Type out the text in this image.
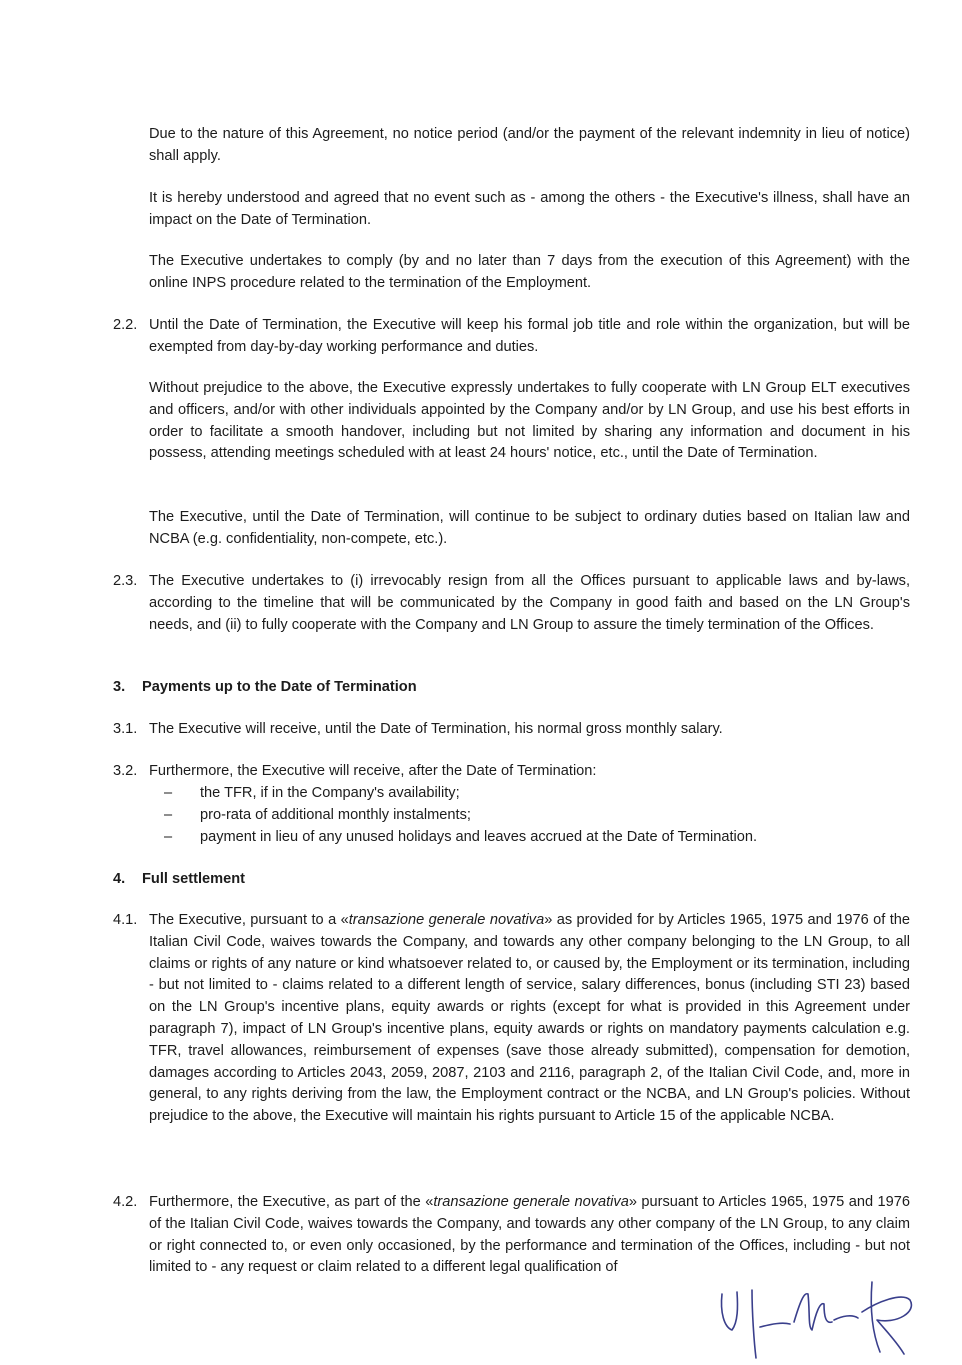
Due to the nature of this Agreement, no notice period (and/or the payment of the relevant indemnity in lieu of notice) shall apply.

It is hereby understood and agreed that no event such as - among the others - the Executive's illness, shall have an impact on the Date of Termination.

The Executive undertakes to comply (by and no later than 7 days from the execution of this Agreement) with the online INPS procedure related to the termination of the Employment.

2.2. Until the Date of Termination, the Executive will keep his formal job title and role within the organization, but will be exempted from day-by-day working performance and duties.

Without prejudice to the above, the Executive expressly undertakes to fully cooperate with LN Group ELT executives and officers, and/or with other individuals appointed by the Company and/or by LN Group, and use his best efforts in order to facilitate a smooth handover, including but not limited by sharing any information and document in his possess, attending meetings scheduled with at least 24 hours' notice, etc., until the Date of Termination.

The Executive, until the Date of Termination, will continue to be subject to ordinary duties based on Italian law and NCBA (e.g. confidentiality, non-compete, etc.).

2.3. The Executive undertakes to (i) irrevocably resign from all the Offices pursuant to applicable laws and by-laws, according to the timeline that will be communicated by the Company in good faith and based on the LN Group's needs, and (ii) to fully cooperate with the Company and LN Group to assure the timely termination of the Offices.
3. Payments up to the Date of Termination
3.1. The Executive will receive, until the Date of Termination, his normal gross monthly salary.
3.2. Furthermore, the Executive will receive, after the Date of Termination:
– the TFR, if in the Company's availability;
– pro-rata of additional monthly instalments;
– payment in lieu of any unused holidays and leaves accrued at the Date of Termination.
4. Full settlement
4.1. The Executive, pursuant to a «transazione generale novativa» as provided for by Articles 1965, 1975 and 1976 of the Italian Civil Code, waives towards the Company, and towards any other company belonging to the LN Group, to all claims or rights of any nature or kind whatsoever related to, or caused by, the Employment or its termination, including - but not limited to - claims related to a different length of service, salary differences, bonus (including STI 23) based on the LN Group's incentive plans, equity awards or rights (except for what is provided in this Agreement under paragraph 7), impact of LN Group's incentive plans, equity awards or rights on mandatory payments calculation e.g. TFR, travel allowances, reimbursement of expenses (save those already submitted), compensation for demotion, damages according to Articles 2043, 2059, 2087, 2103 and 2116, paragraph 2, of the Italian Civil Code, and, more in general, to any rights deriving from the law, the Employment contract or the NCBA, and LN Group's policies. Without prejudice to the above, the Executive will maintain his rights pursuant to Article 15 of the applicable NCBA.
4.2. Furthermore, the Executive, as part of the «transazione generale novativa» pursuant to Articles 1965, 1975 and 1976 of the Italian Civil Code, waives towards the Company, and towards any other company of the LN Group, to any claim or right connected to, or even only occasioned, by the performance and termination of the Offices, including - but not limited to - any request or claim related to a different legal qualification of
